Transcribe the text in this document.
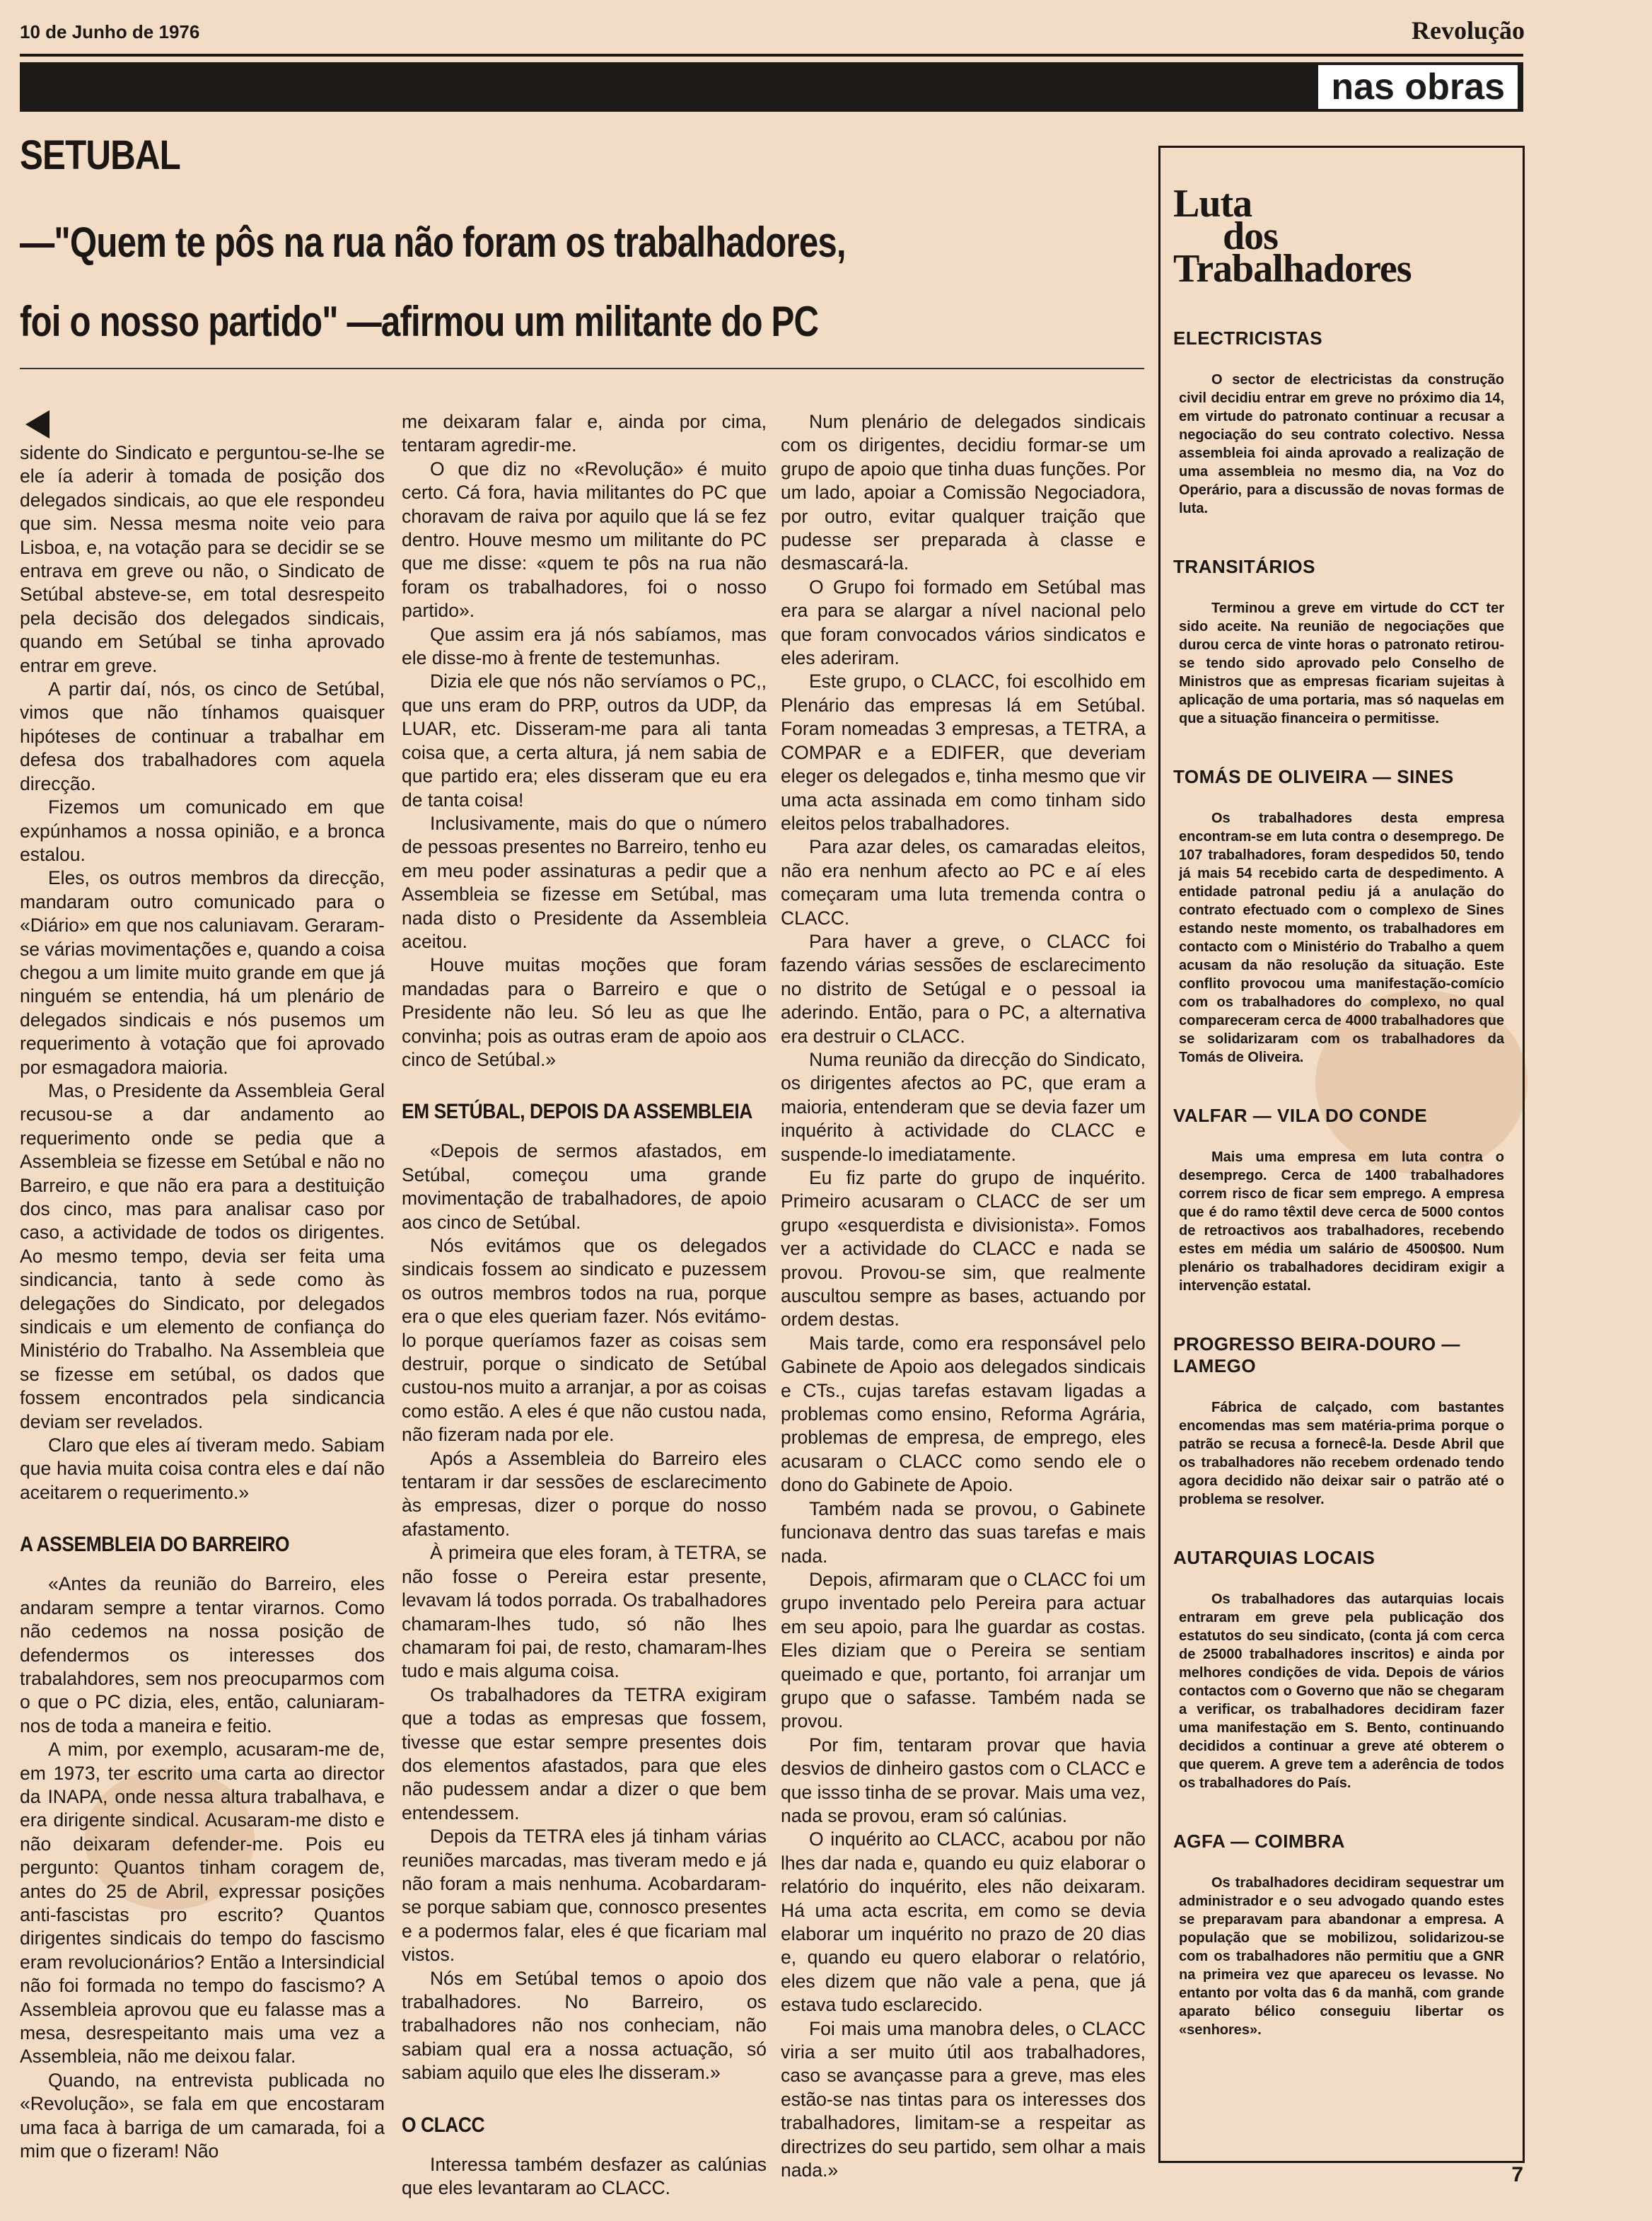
10 de Junho de 1976	Revolução
nas obras
SETUBAL
—"Quem te pôs na rua não foram os trabalhadores,
foi o nosso partido" —afirmou um militante do PC

sidente do Sindicato e perguntou-se-lhe se ele ía aderir à tomada de posição dos delegados sindicais, ao que ele respondeu que sim. Nessa mesma noite veio para Lisboa, e, na votação para se decidir se se entrava em greve ou não, o Sindicato de Setúbal absteve-se, em total desrespeito pela decisão dos delegados sindicais, quando em Setúbal se tinha aprovado entrar em greve.

A partir daí, nós, os cinco de Setúbal, vimos que não tínhamos quaisquer hipóteses de continuar a trabalhar em defesa dos trabalhadores com aquela direcção.

Fizemos um comunicado em que expúnhamos a nossa opinião, e a bronca estalou.

Eles, os outros membros da direcção, mandaram outro comunicado para o «Diário» em que nos caluniavam. Geraram-se várias movimentações e, quando a coisa chegou a um limite muito grande em que já ninguém se entendia, há um plenário de delegados sindicais e nós pusemos um requerimento à votação que foi aprovado por esmagadora maioria.

Mas, o Presidente da Assembleia Geral recusou-se a dar andamento ao requerimento onde se pedia que a Assembleia se fizesse em Setúbal e não no Barreiro, e que não era para a destituição dos cinco, mas para analisar caso por caso, a actividade de todos os dirigentes. Ao mesmo tempo, devia ser feita uma sindicancia, tanto à sede como às delegações do Sindicato, por delegados sindicais e um elemento de confiança do Ministério do Trabalho. Na Assembleia que se fizesse em setúbal, os dados que fossem encontrados pela sindicancia deviam ser revelados.

Claro que eles aí tiveram medo. Sabiam que havia muita coisa contra eles e daí não aceitarem o requerimento.»

A ASSEMBLEIA DO BARREIRO

«Antes da reunião do Barreiro, eles andaram sempre a tentar virarnos. Como não cedemos na nossa posição de defendermos os interesses dos trabalahdores, sem nos preocuparmos com o que o PC dizia, eles, então, caluniaram-nos de toda a maneira e feitio.

A mim, por exemplo, acusaram-me de, em 1973, ter escrito uma carta ao director da INAPA, onde nessa altura trabalhava, e era dirigente sindical. Acusaram-me disto e não deixaram defender-me. Pois eu pergunto: Quantos tinham coragem de, antes do 25 de Abril, expressar posições anti-fascistas pro escrito? Quantos dirigentes sindicais do tempo do fascismo eram revolucionários? Então a Intersindicial não foi formada no tempo do fascismo? A Assembleia aprovou que eu falasse mas a mesa, desrespeitanto mais uma vez a Assembleia, não me deixou falar.

Quando, na entrevista publicada no «Revolução», se fala em que encostaram uma faca à barriga de um camarada, foi a mim que o fizeram! Não

me deixaram falar e, ainda por cima, tentaram agredir-me.

O que diz no «Revolução» é muito certo. Cá fora, havia militantes do PC que choravam de raiva por aquilo que lá se fez dentro. Houve mesmo um militante do PC que me disse: «quem te pôs na rua não foram os trabalhadores, foi o nosso partido».

Que assim era já nós sabíamos, mas ele disse-mo à frente de testemunhas.

Dizia ele que nós não servíamos o PC,, que uns eram do PRP, outros da UDP, da LUAR, etc. Disseram-me para ali tanta coisa que, a certa altura, já nem sabia de que partido era; eles disseram que eu era de tanta coisa!

Inclusivamente, mais do que o número de pessoas presentes no Barreiro, tenho eu em meu poder assinaturas a pedir que a Assembleia se fizesse em Setúbal, mas nada disto o Presidente da Assembleia aceitou.

Houve muitas moções que foram mandadas para o Barreiro e que o Presidente não leu. Só leu as que lhe convinha; pois as outras eram de apoio aos cinco de Setúbal.»

EM SETÚBAL, DEPOIS DA ASSEMBLEIA

«Depois de sermos afastados, em Setúbal, começou uma grande movimentação de trabalhadores, de apoio aos cinco de Setúbal.

Nós evitámos que os delegados sindicais fossem ao sindicato e puzessem os outros membros todos na rua, porque era o que eles queriam fazer. Nós evitámo-lo porque queríamos fazer as coisas sem destruir, porque o sindicato de Setúbal custou-nos muito a arranjar, a por as coisas como estão. A eles é que não custou nada, não fizeram nada por ele.

Após a Assembleia do Barreiro eles tentaram ir dar sessões de esclarecimento às empresas, dizer o porque do nosso afastamento.

À primeira que eles foram, à TETRA, se não fosse o Pereira estar presente, levavam lá todos porrada. Os trabalhadores chamaram-lhes tudo, só não lhes chamaram foi pai, de resto, chamaram-lhes tudo e mais alguma coisa.

Os trabalhadores da TETRA exigiram que a todas as empresas que fossem, tivesse que estar sempre presentes dois dos elementos afastados, para que eles não pudessem andar a dizer o que bem entendessem.

Depois da TETRA eles já tinham várias reuniões marcadas, mas tiveram medo e já não foram a mais nenhuma. Acobardaram-se porque sabiam que, connosco presentes e a podermos falar, eles é que ficariam mal vistos.

Nós em Setúbal temos o apoio dos trabalhadores. No Barreiro, os trabalhadores não nos conheciam, não sabiam qual era a nossa actuação, só sabiam aquilo que eles lhe disseram.»

O CLACC

Interessa também desfazer as calúnias que eles levantaram ao CLACC.

Num plenário de delegados sindicais com os dirigentes, decidiu formar-se um grupo de apoio que tinha duas funções. Por um lado, apoiar a Comissão Negociadora, por outro, evitar qualquer traição que pudesse ser preparada à classe e desmascará-la.

O Grupo foi formado em Setúbal mas era para se alargar a nível nacional pelo que foram convocados vários sindicatos e eles aderiram.

Este grupo, o CLACC, foi escolhido em Plenário das empresas lá em Setúbal. Foram nomeadas 3 empresas, a TETRA, a COMPAR e a EDIFER, que deveriam eleger os delegados e, tinha mesmo que vir uma acta assinada em como tinham sido eleitos pelos trabalhadores.

Para azar deles, os camaradas eleitos, não era nenhum afecto ao PC e aí eles começaram uma luta tremenda contra o CLACC.

Para haver a greve, o CLACC foi fazendo várias sessões de esclarecimento no distrito de Setúgal e o pessoal ia aderindo. Então, para o PC, a alternativa era destruir o CLACC.

Numa reunião da direcção do Sindicato, os dirigentes afectos ao PC, que eram a maioria, entenderam que se devia fazer um inquérito à actividade do CLACC e suspende-lo imediatamente.

Eu fiz parte do grupo de inquérito. Primeiro acusaram o CLACC de ser um grupo «esquerdista e divisionista». Fomos ver a actividade do CLACC e nada se provou. Provou-se sim, que realmente auscultou sempre as bases, actuando por ordem destas.

Mais tarde, como era responsável pelo Gabinete de Apoio aos delegados sindicais e CTs., cujas tarefas estavam ligadas a problemas como ensino, Reforma Agrária, problemas de empresa, de emprego, eles acusaram o CLACC como sendo ele o dono do Gabinete de Apoio.

Também nada se provou, o Gabinete funcionava dentro das suas tarefas e mais nada.

Depois, afirmaram que o CLACC foi um grupo inventado pelo Pereira para actuar em seu apoio, para lhe guardar as costas. Eles diziam que o Pereira se sentiam queimado e que, portanto, foi arranjar um grupo que o safasse. Também nada se provou.

Por fim, tentaram provar que havia desvios de dinheiro gastos com o CLACC e que issso tinha de se provar. Mais uma vez, nada se provou, eram só calúnias.

O inquérito ao CLACC, acabou por não lhes dar nada e, quando eu quiz elaborar o relatório do inquérito, eles não deixaram. Há uma acta escrita, em como se devia elaborar um inquérito no prazo de 20 dias e, quando eu quero elaborar o relatório, eles dizem que não vale a pena, que já estava tudo esclarecido.

Foi mais uma manobra deles, o CLACC viria a ser muito útil aos trabalhadores, caso se avançasse para a greve, mas eles estão-se nas tintas para os interesses dos trabalhadores, limitam-se a respeitar as directrizes do seu partido, sem olhar a mais nada.»

Luta
dos
Trabalhadores
ELECTRICISTAS
O sector de electricistas da construção civil decidiu entrar em greve no próximo dia 14, em virtude do patronato continuar a recusar a negociação do seu contrato colectivo. Nessa assembleia foi ainda aprovado a realização de uma assembleia no mesmo dia, na Voz do Operário, para a discussão de novas formas de luta.
TRANSITÁRIOS
Terminou a greve em virtude do CCT ter sido aceite. Na reunião de negociações que durou cerca de vinte horas o patronato retirou-se tendo sido aprovado pelo Conselho de Ministros que as empresas ficariam sujeitas à aplicação de uma portaria, mas só naquelas em que a situação financeira o permitisse.
TOMÁS DE OLIVEIRA — SINES
Os trabalhadores desta empresa encontram-se em luta contra o desemprego. De 107 trabalhadores, foram despedidos 50, tendo já mais 54 recebido carta de despedimento. A entidade patronal pediu já a anulação do contrato efectuado com o complexo de Sines estando neste momento, os trabalhadores em contacto com o Ministério do Trabalho a quem acusam da não resolução da situação. Este conflito provocou uma manifestação-comício com os trabalhadores do complexo, no qual compareceram cerca de 4000 trabalhadores que se solidarizaram com os trabalhadores da Tomás de Oliveira.
VALFAR — VILA DO CONDE
Mais uma empresa em luta contra o desemprego. Cerca de 1400 trabalhadores correm risco de ficar sem emprego. A empresa que é do ramo têxtil deve cerca de 5000 contos de retroactivos aos trabalhadores, recebendo estes em média um salário de 4500$00. Num plenário os trabalhadores decidiram exigir a intervenção estatal.
PROGRESSO BEIRA-DOURO — LAMEGO
Fábrica de calçado, com bastantes encomendas mas sem matéria-prima porque o patrão se recusa a fornecê-la. Desde Abril que os trabalhadores não recebem ordenado tendo agora decidido não deixar sair o patrão até o problema se resolver.
AUTARQUIAS LOCAIS
Os trabalhadores das autarquias locais entraram em greve pela publicação dos estatutos do seu sindicato, (conta já com cerca de 25000 trabalhadores inscritos) e ainda por melhores condições de vida. Depois de vários contactos com o Governo que não se chegaram a verificar, os trabalhadores decidiram fazer uma manifestação em S. Bento, continuando decididos a continuar a greve até obterem o que querem. A greve tem a aderência de todos os trabalhadores do País.
AGFA — COIMBRA
Os trabalhadores decidiram sequestrar um administrador e o seu advogado quando estes se preparavam para abandonar a empresa. A população que se mobilizou, solidarizou-se com os trabalhadores não permitiu que a GNR na primeira vez que apareceu os levasse. No entanto por volta das 6 da manhã, com grande aparato bélico conseguiu libertar os «senhores».
7
